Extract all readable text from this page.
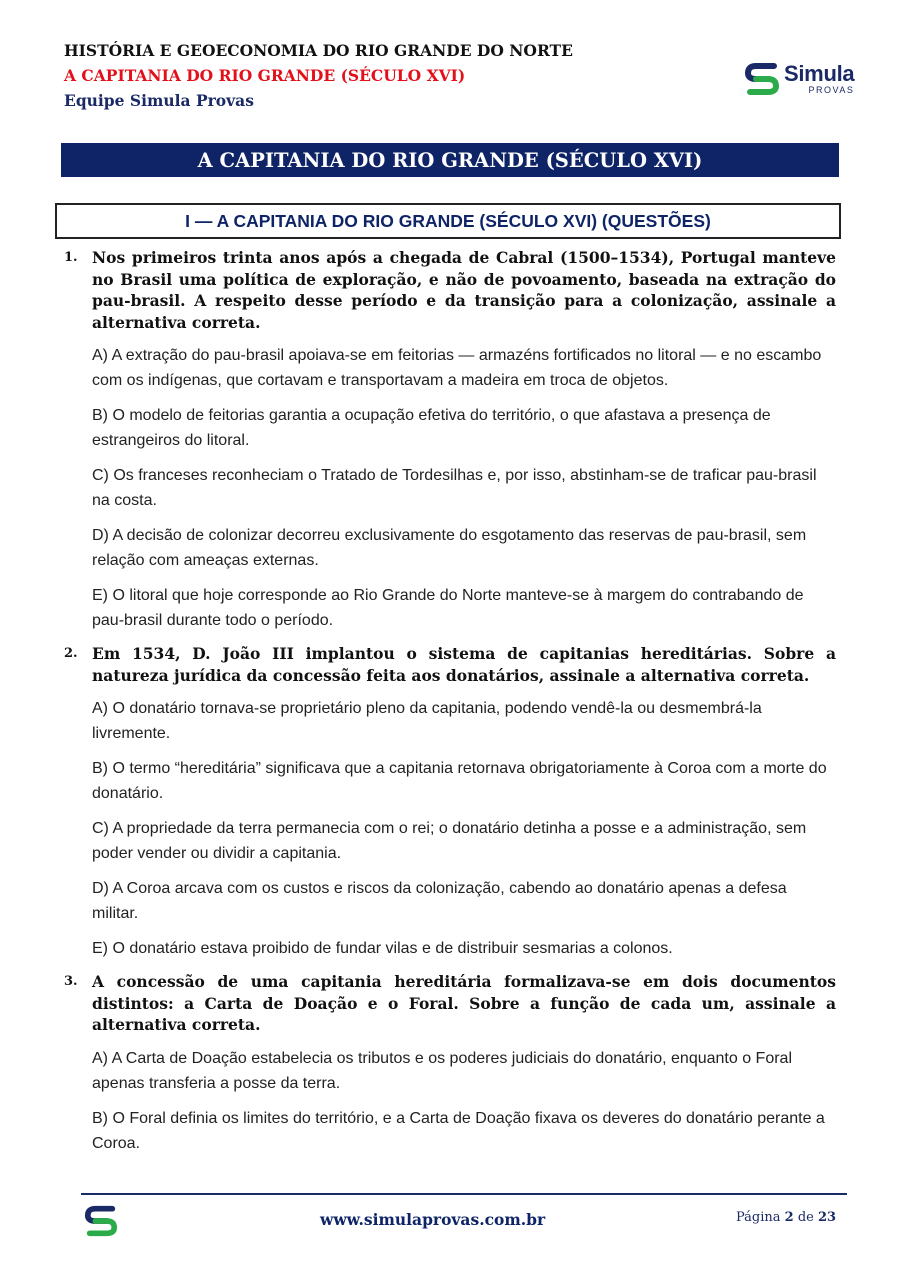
HISTÓRIA E GEOECONOMIA DO RIO GRANDE DO NORTE
A CAPITANIA DO RIO GRANDE (SÉCULO XVI)
Equipe Simula Provas
Simula
PROVAS
A CAPITANIA DO RIO GRANDE (SÉCULO XVI)
I — A CAPITANIA DO RIO GRANDE (SÉCULO XVI) (QUESTÕES)
1. Nos primeiros trinta anos após a chegada de Cabral (1500–1534), Portugal manteve no Brasil uma política de exploração, e não de povoamento, baseada na extração do pau-brasil. A respeito desse período e da transição para a colonização, assinale a alternativa correta.
A) A extração do pau-brasil apoiava-se em feitorias — armazéns fortificados no litoral — e no escambo com os indígenas, que cortavam e transportavam a madeira em troca de objetos.
B) O modelo de feitorias garantia a ocupação efetiva do território, o que afastava a presença de estrangeiros do litoral.
C) Os franceses reconheciam o Tratado de Tordesilhas e, por isso, abstinham-se de traficar pau-brasil na costa.
D) A decisão de colonizar decorreu exclusivamente do esgotamento das reservas de pau-brasil, sem relação com ameaças externas.
E) O litoral que hoje corresponde ao Rio Grande do Norte manteve-se à margem do contrabando de pau-brasil durante todo o período.
2. Em 1534, D. João III implantou o sistema de capitanias hereditárias. Sobre a natureza jurídica da concessão feita aos donatários, assinale a alternativa correta.
A) O donatário tornava-se proprietário pleno da capitania, podendo vendê-la ou desmembrá-la livremente.
B) O termo “hereditária” significava que a capitania retornava obrigatoriamente à Coroa com a morte do donatário.
C) A propriedade da terra permanecia com o rei; o donatário detinha a posse e a administração, sem poder vender ou dividir a capitania.
D) A Coroa arcava com os custos e riscos da colonização, cabendo ao donatário apenas a defesa militar.
E) O donatário estava proibido de fundar vilas e de distribuir sesmarias a colonos.
3. A concessão de uma capitania hereditária formalizava-se em dois documentos distintos: a Carta de Doação e o Foral. Sobre a função de cada um, assinale a alternativa correta.
A) A Carta de Doação estabelecia os tributos e os poderes judiciais do donatário, enquanto o Foral apenas transferia a posse da terra.
B) O Foral definia os limites do território, e a Carta de Doação fixava os deveres do donatário perante a Coroa.
www.simulaprovas.com.br	Página 2 de 23
